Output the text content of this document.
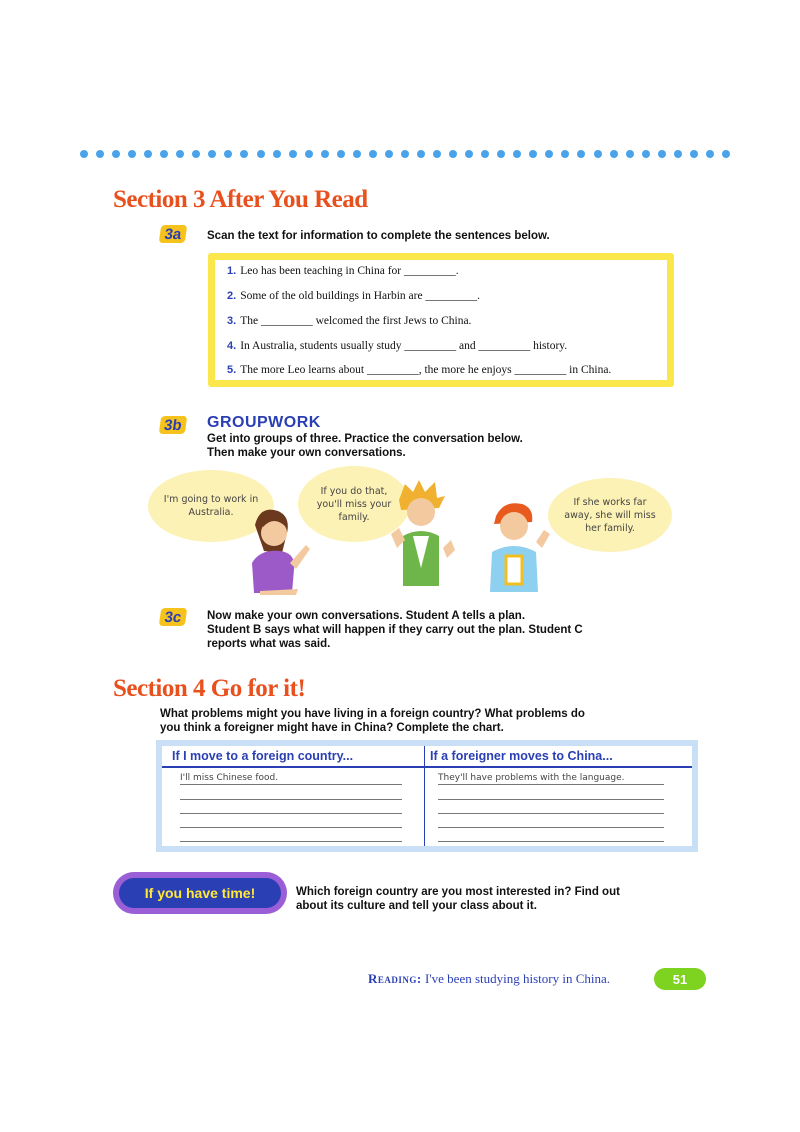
Section 3 After You Read
3a	Scan the text for information to complete the sentences below.
1. Leo has been teaching in China for _________.
2. Some of the old buildings in Harbin are _________.
3. The _________ welcomed the first Jews to China.
4. In Australia, students usually study _________ and _________ history.
5. The more Leo learns about _________, the more he enjoys _________ in China.
3b GROUPWORK
Get into groups of three. Practice the conversation below.
Then make your own conversations.
I'm going to work in
Australia.
If you do that,
you'll miss your
family.
If she works far
away, she will miss
her family.
3c	Now make your own conversations. Student A tells a plan.
Student B says what will happen if they carry out the plan. Student C
reports what was said.
Section 4 Go for it!
What problems might you have living in a foreign country? What problems do
you think a foreigner might have in China? Complete the chart.
If I move to a foreign country...	If a foreigner moves to China...
I'll miss Chinese food.	They'll have problems with the language.
If you have time!	Which foreign country are you most interested in? Find out
about its culture and tell your class about it.
Reading: I've been studying history in China.	51
